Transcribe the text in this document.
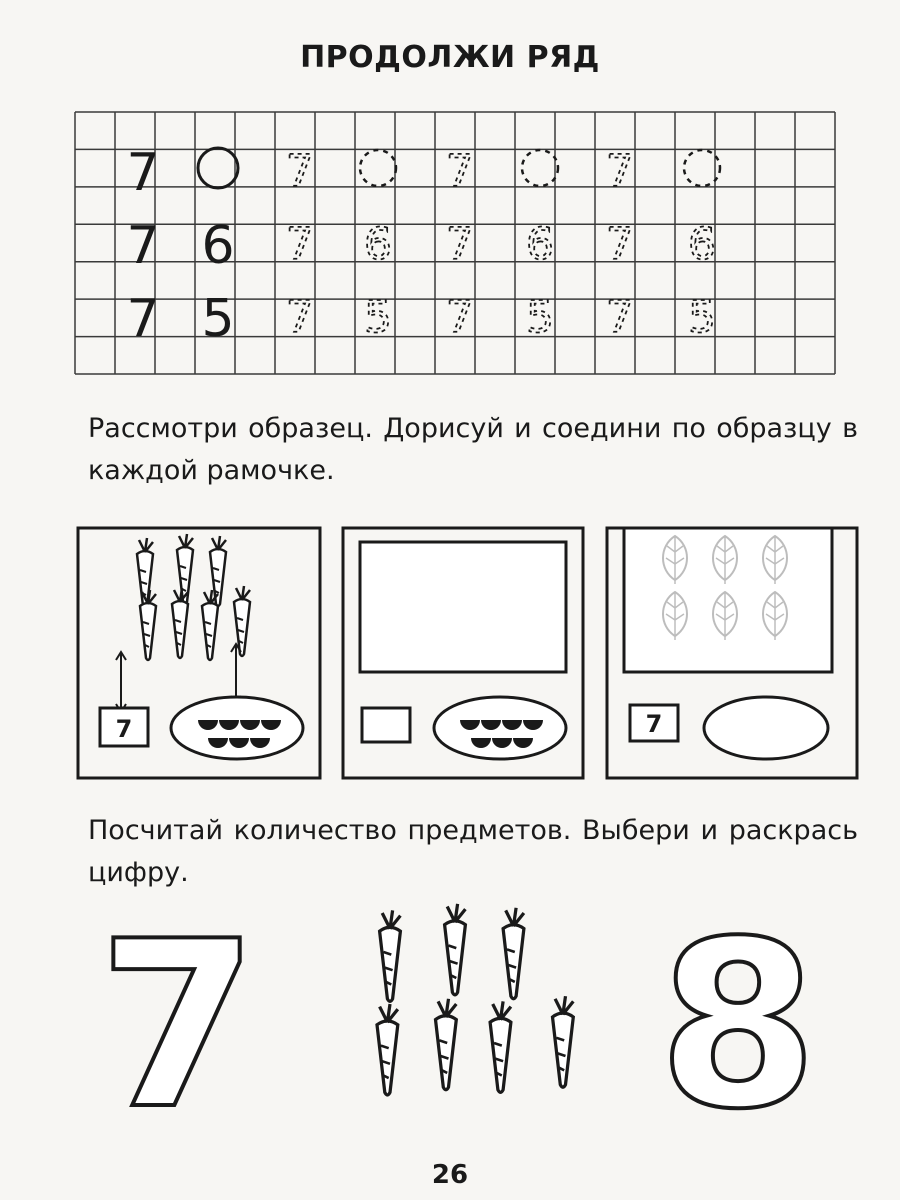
ПРОДОЛЖИ РЯД
7	7	7	7
7 6 7 6 7 6 7 6
7 5 7 5 7 5 7 5
Рассмотри образец. Дорисуй и соедини по образцу в каждой рамочке.
7	7
Посчитай количество предметов. Выбери и раскрась цифру.
7 8
26
